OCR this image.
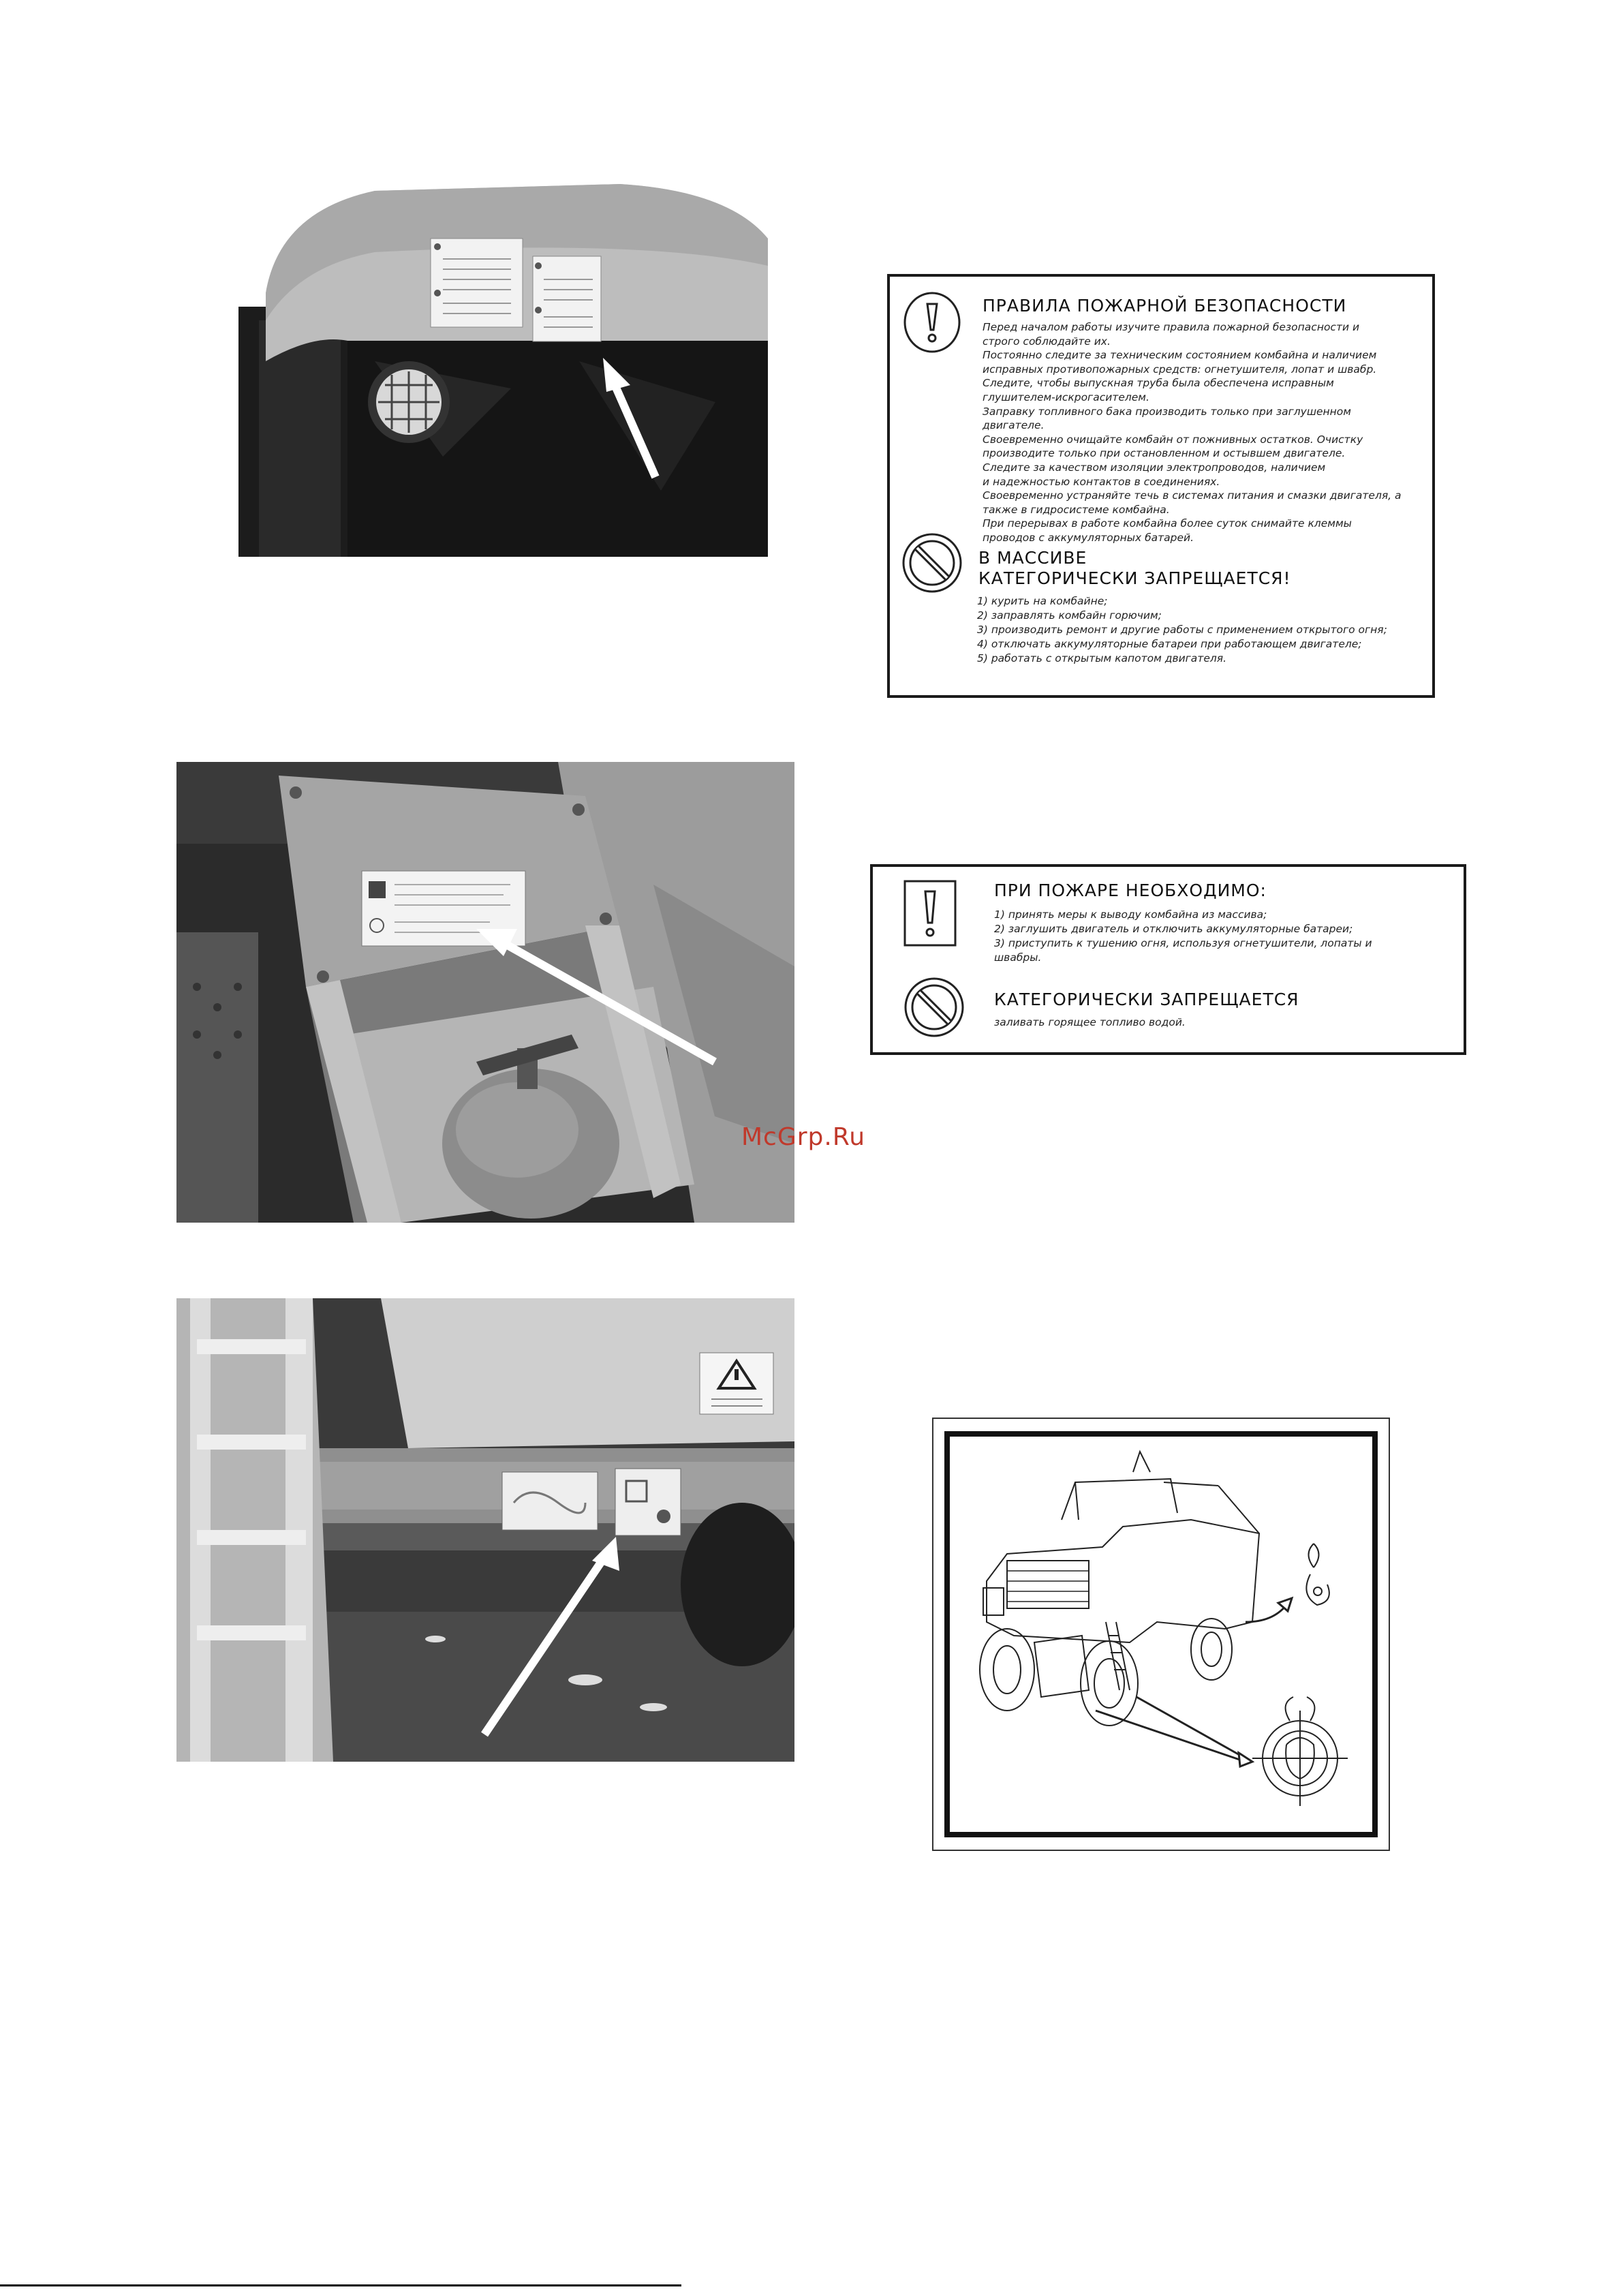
ПРАВИЛА ПОЖАРНОЙ БЕЗОПАСНОСТИ
Перед началом работы изучите правила пожарной безопасности и
строго соблюдайте их.
Постоянно следите за техническим состоянием комбайна и наличием
исправных противопожарных средств: огнетушителя, лопат и швабр.
Следите, чтобы выпускная труба была обеспечена исправным
глушителем-искрогасителем.
Заправку топливного бака производить только при заглушенном
двигателе.
Своевременно очищайте комбайн от пожнивных остатков. Очистку
производите только при остановленном и остывшем двигателе.
Следите за качеством изоляции электропроводов, наличием
и надежностью контактов в соединениях.
Своевременно устраняйте течь в системах питания и смазки двигателя, а
также в гидросистеме комбайна.
При перерывах в работе комбайна более суток снимайте клеммы
проводов с аккумуляторных батарей.
В МАССИВЕ
КАТЕГОРИЧЕСКИ ЗАПРЕЩАЕТСЯ!
1) курить на комбайне;
2) заправлять комбайн горючим;
3) производить ремонт и другие работы с применением открытого огня;
4) отключать аккумуляторные батареи при работающем двигателе;
5) работать с открытым капотом двигателя.
ПРИ ПОЖАРЕ НЕОБХОДИМО:
1) принять меры к выводу комбайна из массива;
2) заглушить двигатель и отключить аккумуляторные батареи;
3) приступить к тушению огня, используя огнетушители, лопаты и
швабры.
КАТЕГОРИЧЕСКИ ЗАПРЕЩАЕТСЯ
заливать горящее топливо водой.
McGrp.Ru
